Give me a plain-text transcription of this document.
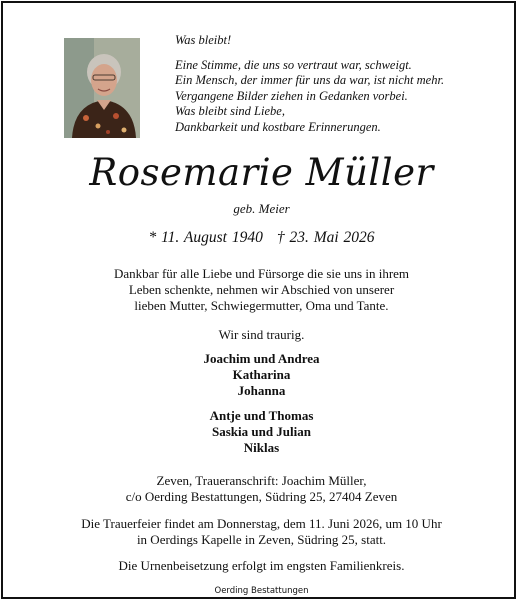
Was bleibt!
Eine Stimme, die uns so vertraut war, schweigt.
Ein Mensch, der immer für uns da war, ist nicht mehr.
Vergangene Bilder ziehen in Gedanken vorbei.
Was bleibt sind Liebe,
Dankbarkeit und kostbare Erinnerungen.
Rosemarie Müller
geb. Meier
* 11. August 1940 † 23. Mai 2026
Dankbar für alle Liebe und Fürsorge die sie uns in ihrem
Leben schenkte, nehmen wir Abschied von unserer
lieben Mutter, Schwiegermutter, Oma und Tante.
Wir sind traurig.
Joachim und Andrea
Katharina
Johanna
Antje und Thomas
Saskia und Julian
Niklas
Zeven, Traueranschrift: Joachim Müller,
c/o Oerding Bestattungen, Südring 25, 27404 Zeven
Die Trauerfeier findet am Donnerstag, dem 11. Juni 2026, um 10 Uhr
in Oerdings Kapelle in Zeven, Südring 25, statt.
Die Urnenbeisetzung erfolgt im engsten Familienkreis.
Oerding Bestattungen
